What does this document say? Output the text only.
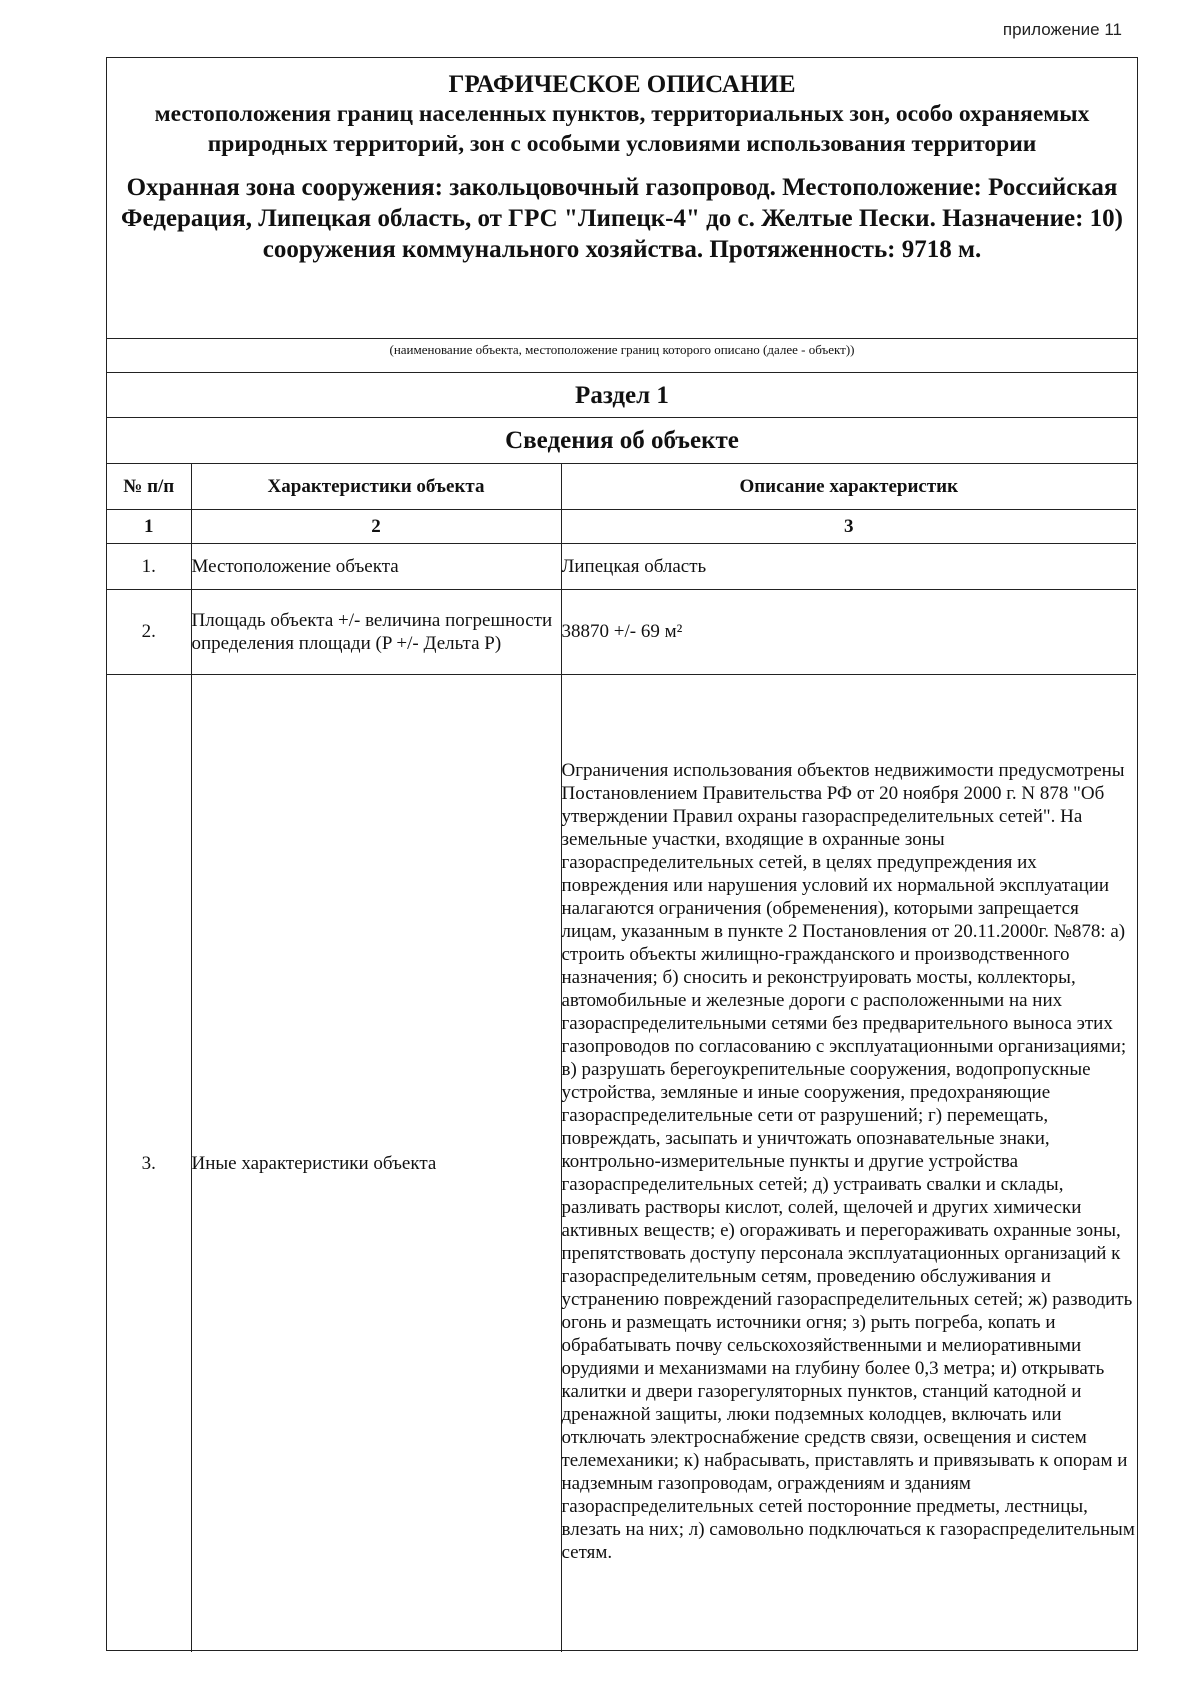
приложение 11
ГРАФИЧЕСКОЕ ОПИСАНИЕ
местоположения границ населенных пунктов, территориальных зон, особо охраняемых природных территорий, зон с особыми условиями использования территории
Охранная зона сооружения: закольцовочный газопровод. Местоположение: Российская Федерация, Липецкая область, от ГРС "Липецк-4" до с. Желтые Пески. Назначение: 10) сооружения коммунального хозяйства. Протяженность: 9718 м.
(наименование объекта, местоположение границ которого описано (далее - объект))
Раздел 1
Сведения об объекте
№ п/п	Характеристики объекта	Описание характеристик
1	2	3
1.	Местоположение объекта	Липецкая область
2.	Площадь объекта +/- величина погрешности определения площади (P +/- Дельта P)	38870 +/- 69 м²
3.	Иные характеристики объекта	Ограничения использования объектов недвижимости предусмотрены Постановлением Правительства РФ от 20 ноября 2000 г. N 878 "Об утверждении Правил охраны газораспределительных сетей". На земельные участки, входящие в охранные зоны газораспределительных сетей, в целях предупреждения их повреждения или нарушения условий их нормальной эксплуатации налагаются ограничения (обременения), которыми запрещается лицам, указанным в пункте 2 Постановления от 20.11.2000г. №878: а) строить объекты жилищно-гражданского и производственного назначения; б) сносить и реконструировать мосты, коллекторы, автомобильные и железные дороги с расположенными на них газораспределительными сетями без предварительного выноса этих газопроводов по согласованию с эксплуатационными организациями; в) разрушать берегоукрепительные сооружения, водопропускные устройства, земляные и иные сооружения, предохраняющие газораспределительные сети от разрушений; г) перемещать, повреждать, засыпать и уничтожать опознавательные знаки, контрольно-измерительные пункты и другие устройства газораспределительных сетей; д) устраивать свалки и склады, разливать растворы кислот, солей, щелочей и других химически активных веществ; е) огораживать и перегораживать охранные зоны, препятствовать доступу персонала эксплуатационных организаций к газораспределительным сетям, проведению обслуживания и устранению повреждений газораспределительных сетей; ж) разводить огонь и размещать источники огня; з) рыть погреба, копать и обрабатывать почву сельскохозяйственными и мелиоративными орудиями и механизмами на глубину более 0,3 метра; и) открывать калитки и двери газорегуляторных пунктов, станций катодной и дренажной защиты, люки подземных колодцев, включать или отключать электроснабжение средств связи, освещения и систем телемеханики; к) набрасывать, приставлять и привязывать к опорам и надземным газопроводам, ограждениям и зданиям газораспределительных сетей посторонние предметы, лестницы, влезать на них; л) самовольно подключаться к газораспределительным сетям.
